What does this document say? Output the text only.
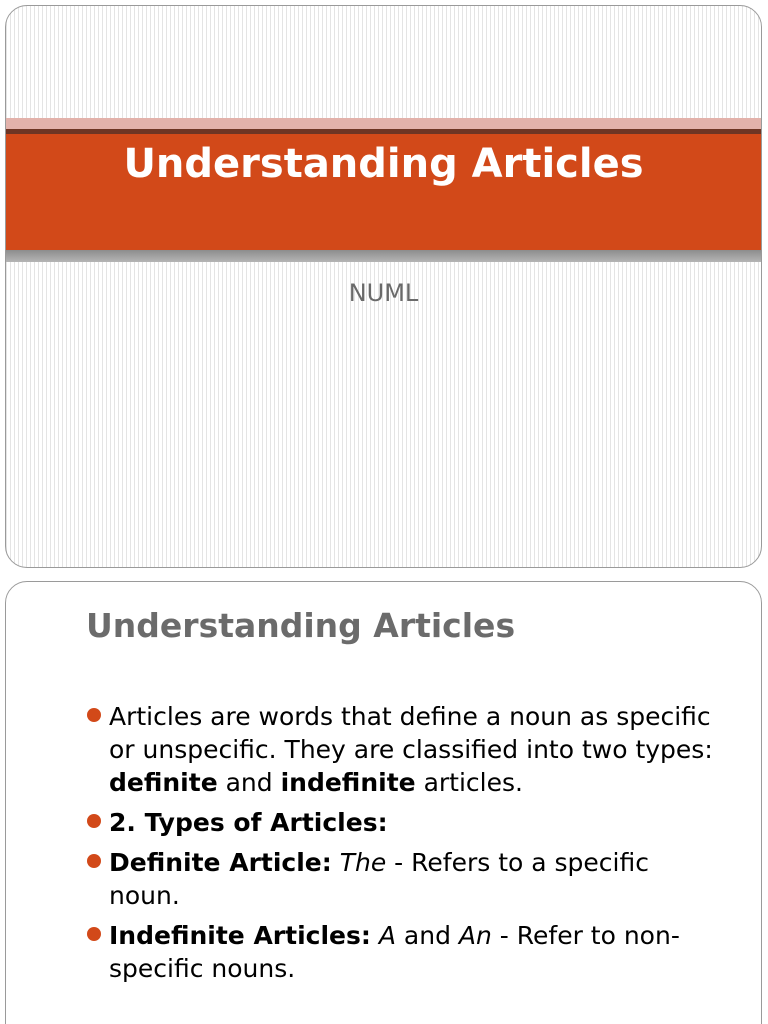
Understanding Articles
NUML
Understanding Articles
Articles are words that define a noun as specific or unspecific. They are classified into two types: definite and indefinite articles.
2. Types of Articles:
Definite Article: The - Refers to a specific noun.
Indefinite Articles: A and An - Refer to non-specific nouns.
